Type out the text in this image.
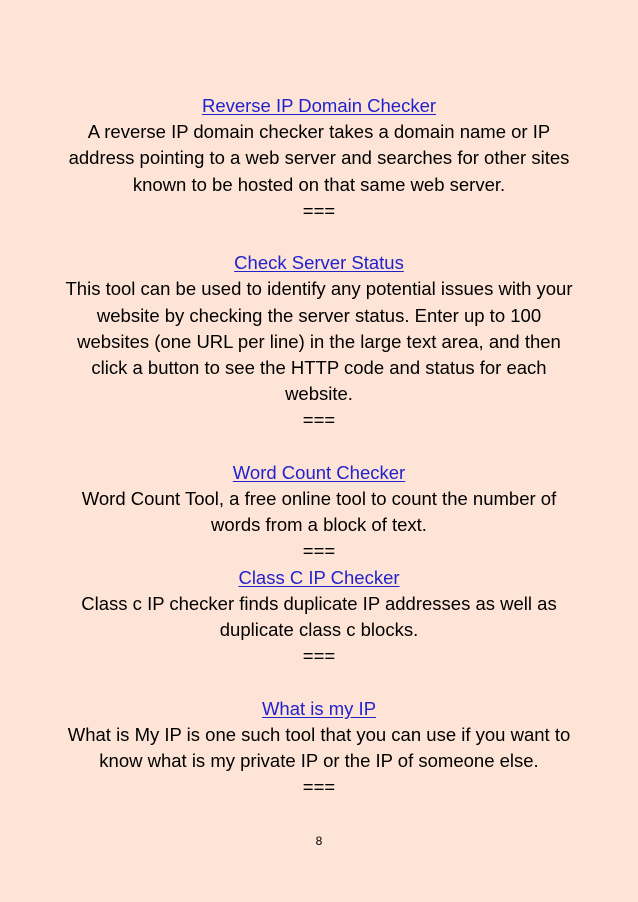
Reverse IP Domain Checker
A reverse IP domain checker takes a domain name or IP address pointing to a web server and searches for other sites known to be hosted on that same web server.
===
Check Server Status
This tool can be used to identify any potential issues with your website by checking the server status. Enter up to 100 websites (one URL per line) in the large text area, and then click a button to see the HTTP code and status for each website.
===
Word Count Checker
Word Count Tool, a free online tool to count the number of words from a block of text.
===
Class C IP Checker
Class c IP checker finds duplicate IP addresses as well as duplicate class c blocks.
===
What is my IP
What is My IP is one such tool that you can use if you want to know what is my private IP or the IP of someone else.
===
8
